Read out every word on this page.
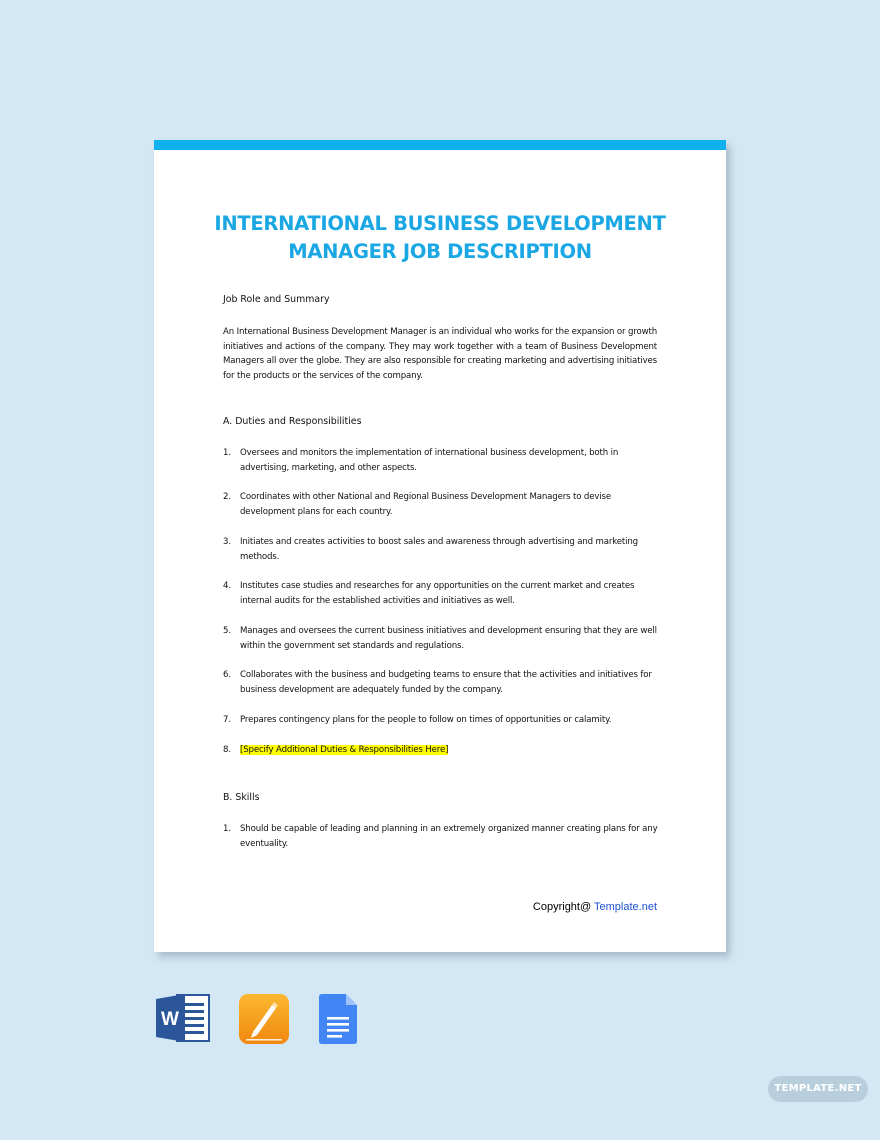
INTERNATIONAL BUSINESS DEVELOPMENT
MANAGER JOB DESCRIPTION
Job Role and Summary
An International Business Development Manager is an individual who works for the expansion or growth initiatives and actions of the company. They may work together with a team of Business Development Managers all over the globe. They are also responsible for creating marketing and advertising initiatives for the products or the services of the company.
A. Duties and Responsibilities
1. Oversees and monitors the implementation of international business development, both in advertising, marketing, and other aspects.
2. Coordinates with other National and Regional Business Development Managers to devise development plans for each country.
3. Initiates and creates activities to boost sales and awareness through advertising and marketing methods.
4. Institutes case studies and researches for any opportunities on the current market and creates internal audits for the established activities and initiatives as well.
5. Manages and oversees the current business initiatives and development ensuring that they are well within the government set standards and regulations.
6. Collaborates with the business and budgeting teams to ensure that the activities and initiatives for business development are adequately funded by the company.
7. Prepares contingency plans for the people to follow on times of opportunities or calamity.
8. [Specify Additional Duties & Responsibilities Here]
B. Skills
1. Should be capable of leading and planning in an extremely organized manner creating plans for any eventuality.
Copyright@ Template.net
W
TEMPLATE.NET
